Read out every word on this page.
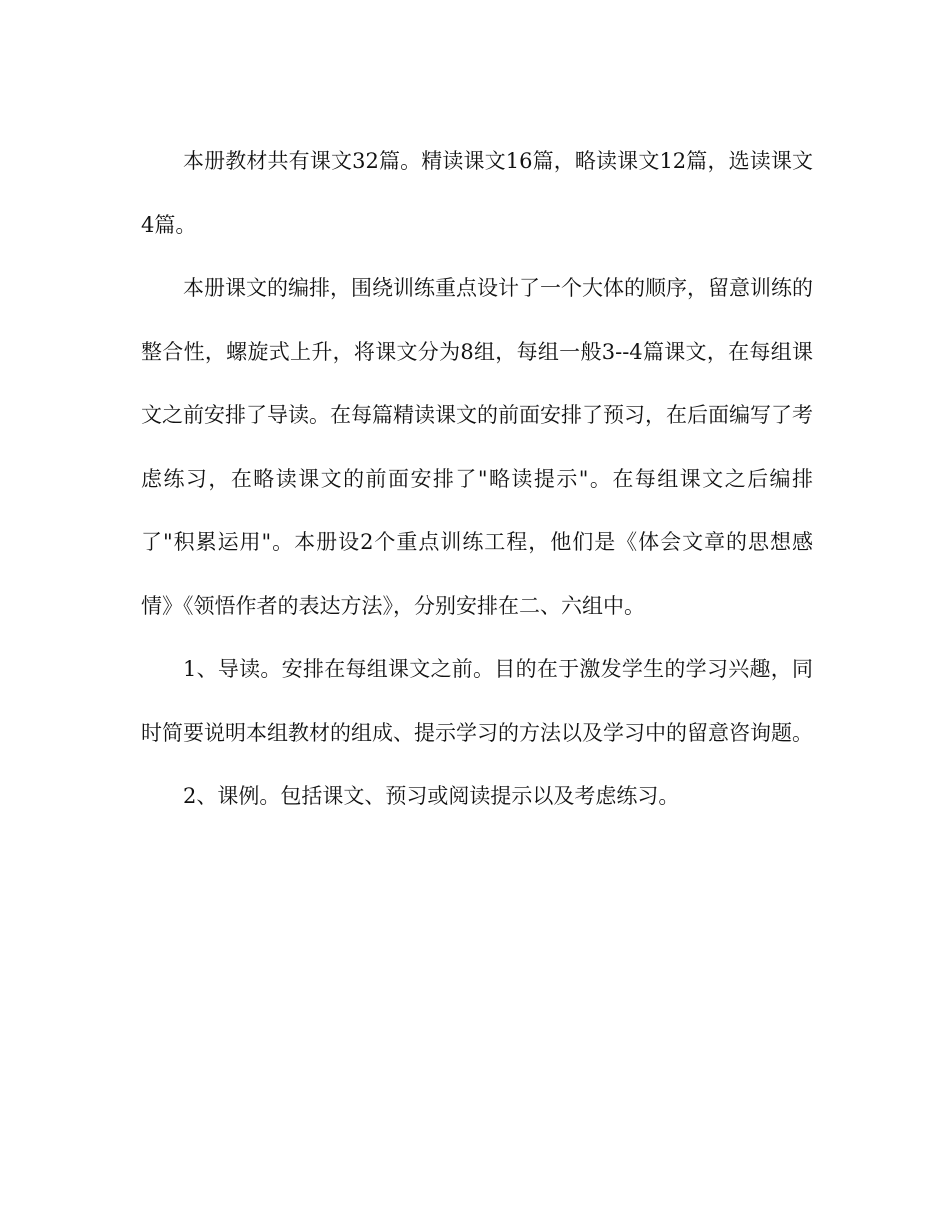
本册教材共有课文32篇。精读课文16篇，略读课文12篇，选读课文4篇。

本册课文的编排，围绕训练重点设计了一个大体的顺序，留意训练的整合性，螺旋式上升，将课文分为8组，每组一般3--4篇课文，在每组课文之前安排了导读。在每篇精读课文的前面安排了预习，在后面编写了考虑练习，在略读课文的前面安排了"略读提示"。在每组课文之后编排了"积累运用"。本册设2个重点训练工程，他们是《体会文章的思想感情》《领悟作者的表达方法》，分别安排在二、六组中。

1、导读。安排在每组课文之前。目的在于激发学生的学习兴趣，同时简要说明本组教材的组成、提示学习的方法以及学习中的留意咨询题。

2、课例。包括课文、预习或阅读提示以及考虑练习。
